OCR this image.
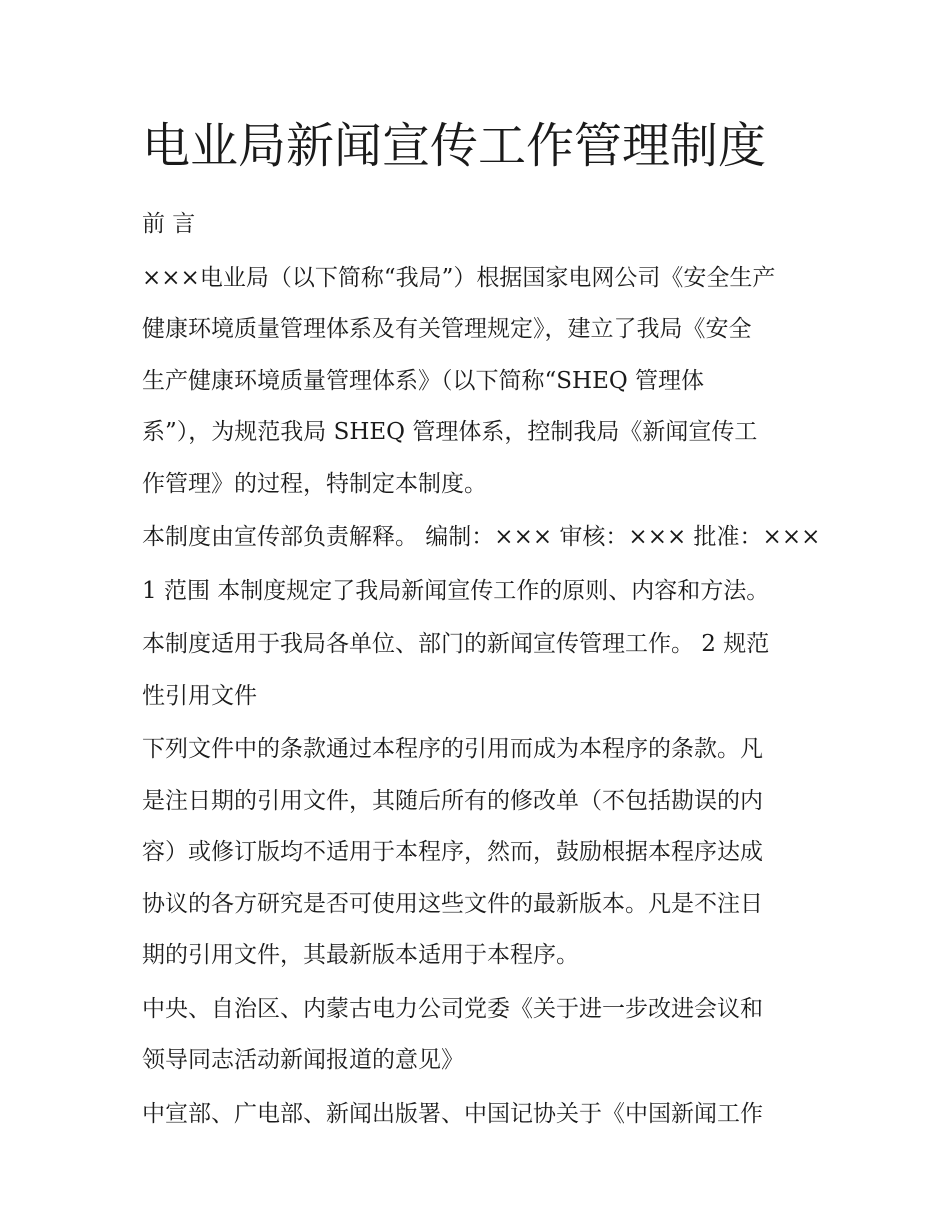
电业局新闻宣传工作管理制度

前 言

×××电业局（以下简称“我局”）根据国家电网公司《安全生产
健康环境质量管理体系及有关管理规定》，建立了我局《安全
生产健康环境质量管理体系》（以下简称“SHEQ 管理体
系”），为规范我局 SHEQ 管理体系，控制我局《新闻宣传工
作管理》的过程，特制定本制度。

本制度由宣传部负责解释。 编制：××× 审核：××× 批准：×××

1 范围 本制度规定了我局新闻宣传工作的原则、内容和方法。

本制度适用于我局各单位、部门的新闻宣传管理工作。 2 规范
性引用文件

下列文件中的条款通过本程序的引用而成为本程序的条款。凡
是注日期的引用文件，其随后所有的修改单（不包括勘误的内
容）或修订版均不适用于本程序，然而，鼓励根据本程序达成
协议的各方研究是否可使用这些文件的最新版本。凡是不注日
期的引用文件，其最新版本适用于本程序。

中央、自治区、内蒙古电力公司党委《关于进一步改进会议和
领导同志活动新闻报道的意见》

中宣部、广电部、新闻出版署、中国记协关于《中国新闻工作
